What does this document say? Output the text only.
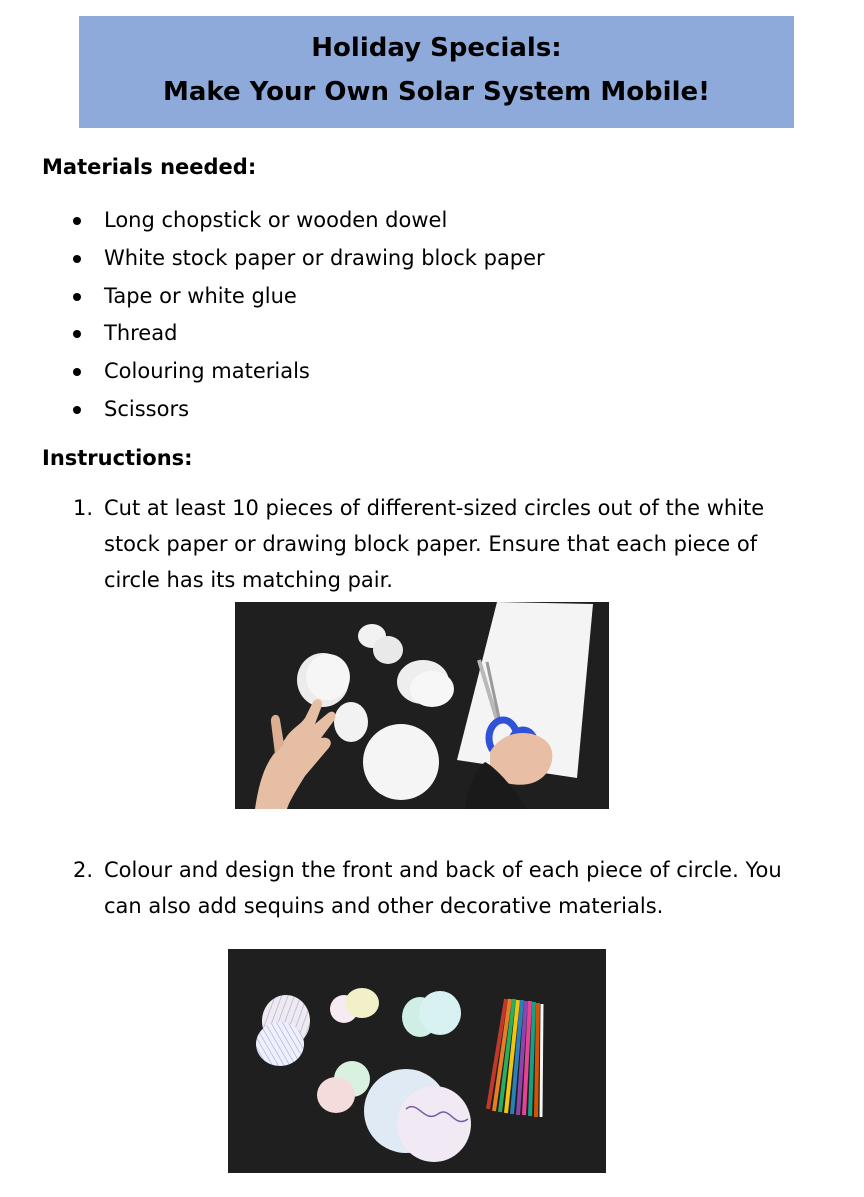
Holiday Specials:
Make Your Own Solar System Mobile!
Materials needed:
Long chopstick or wooden dowel
White stock paper or drawing block paper
Tape or white glue
Thread
Colouring materials
Scissors
Instructions:
1. Cut at least 10 pieces of different-sized circles out of the white stock paper or drawing block paper. Ensure that each piece of circle has its matching pair.
2. Colour and design the front and back of each piece of circle. You can also add sequins and other decorative materials.
